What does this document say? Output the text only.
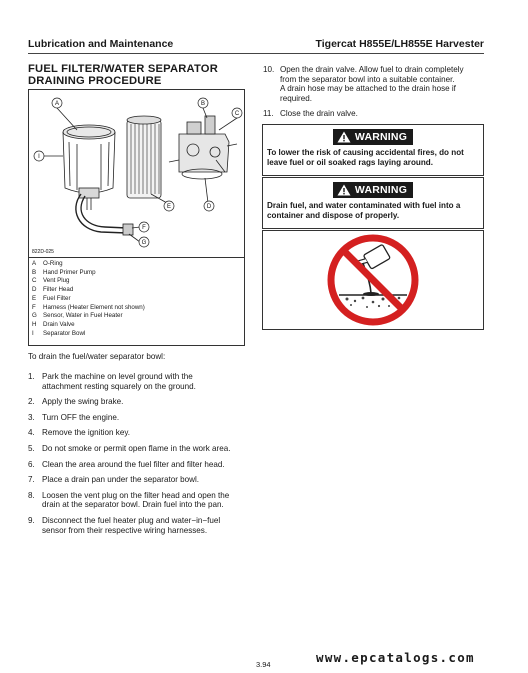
Lubrication and Maintenance	Tigercat H855E/LH855E Harvester
FUEL FILTER/WATER SEPARATOR
DRAINING PROCEDURE
A	B
C
I
E	D
F
G
822D-025
A O-Ring
B Hand Primer Pump
C Vent Plug
D Filter Head
E Fuel Filter
F Harness (Heater Element not shown)
G Sensor, Water in Fuel Heater
H Drain Valve
I Separator Bowl
To drain the fuel/water separator bowl:
1. Park the machine on level ground with the
attachment resting squarely on the ground.
2. Apply the swing brake.
3. Turn OFF the engine.
4. Remove the ignition key.
5. Do not smoke or permit open flame in the work area.
6. Clean the area around the fuel filter and filter head.
7. Place a drain pan under the separator bowl.
8. Loosen the vent plug on the filter head and open the
drain at the separator bowl. Drain fuel into the pan.
9. Disconnect the fuel heater plug and water−in−fuel
sensor from their respective wiring harnesses.
10. Open the drain valve. Allow fuel to drain completely
from the separator bowl into a suitable container.
A drain hose may be attached to the drain hose if
required.
11. Close the drain valve.
WARNING
To lower the risk of causing accidental fires, do not
leave fuel or oil soaked rags laying around.
WARNING
Drain fuel, and water contaminated with fuel into a
container and dispose of properly.
3.94	www.epcatalogs.com
